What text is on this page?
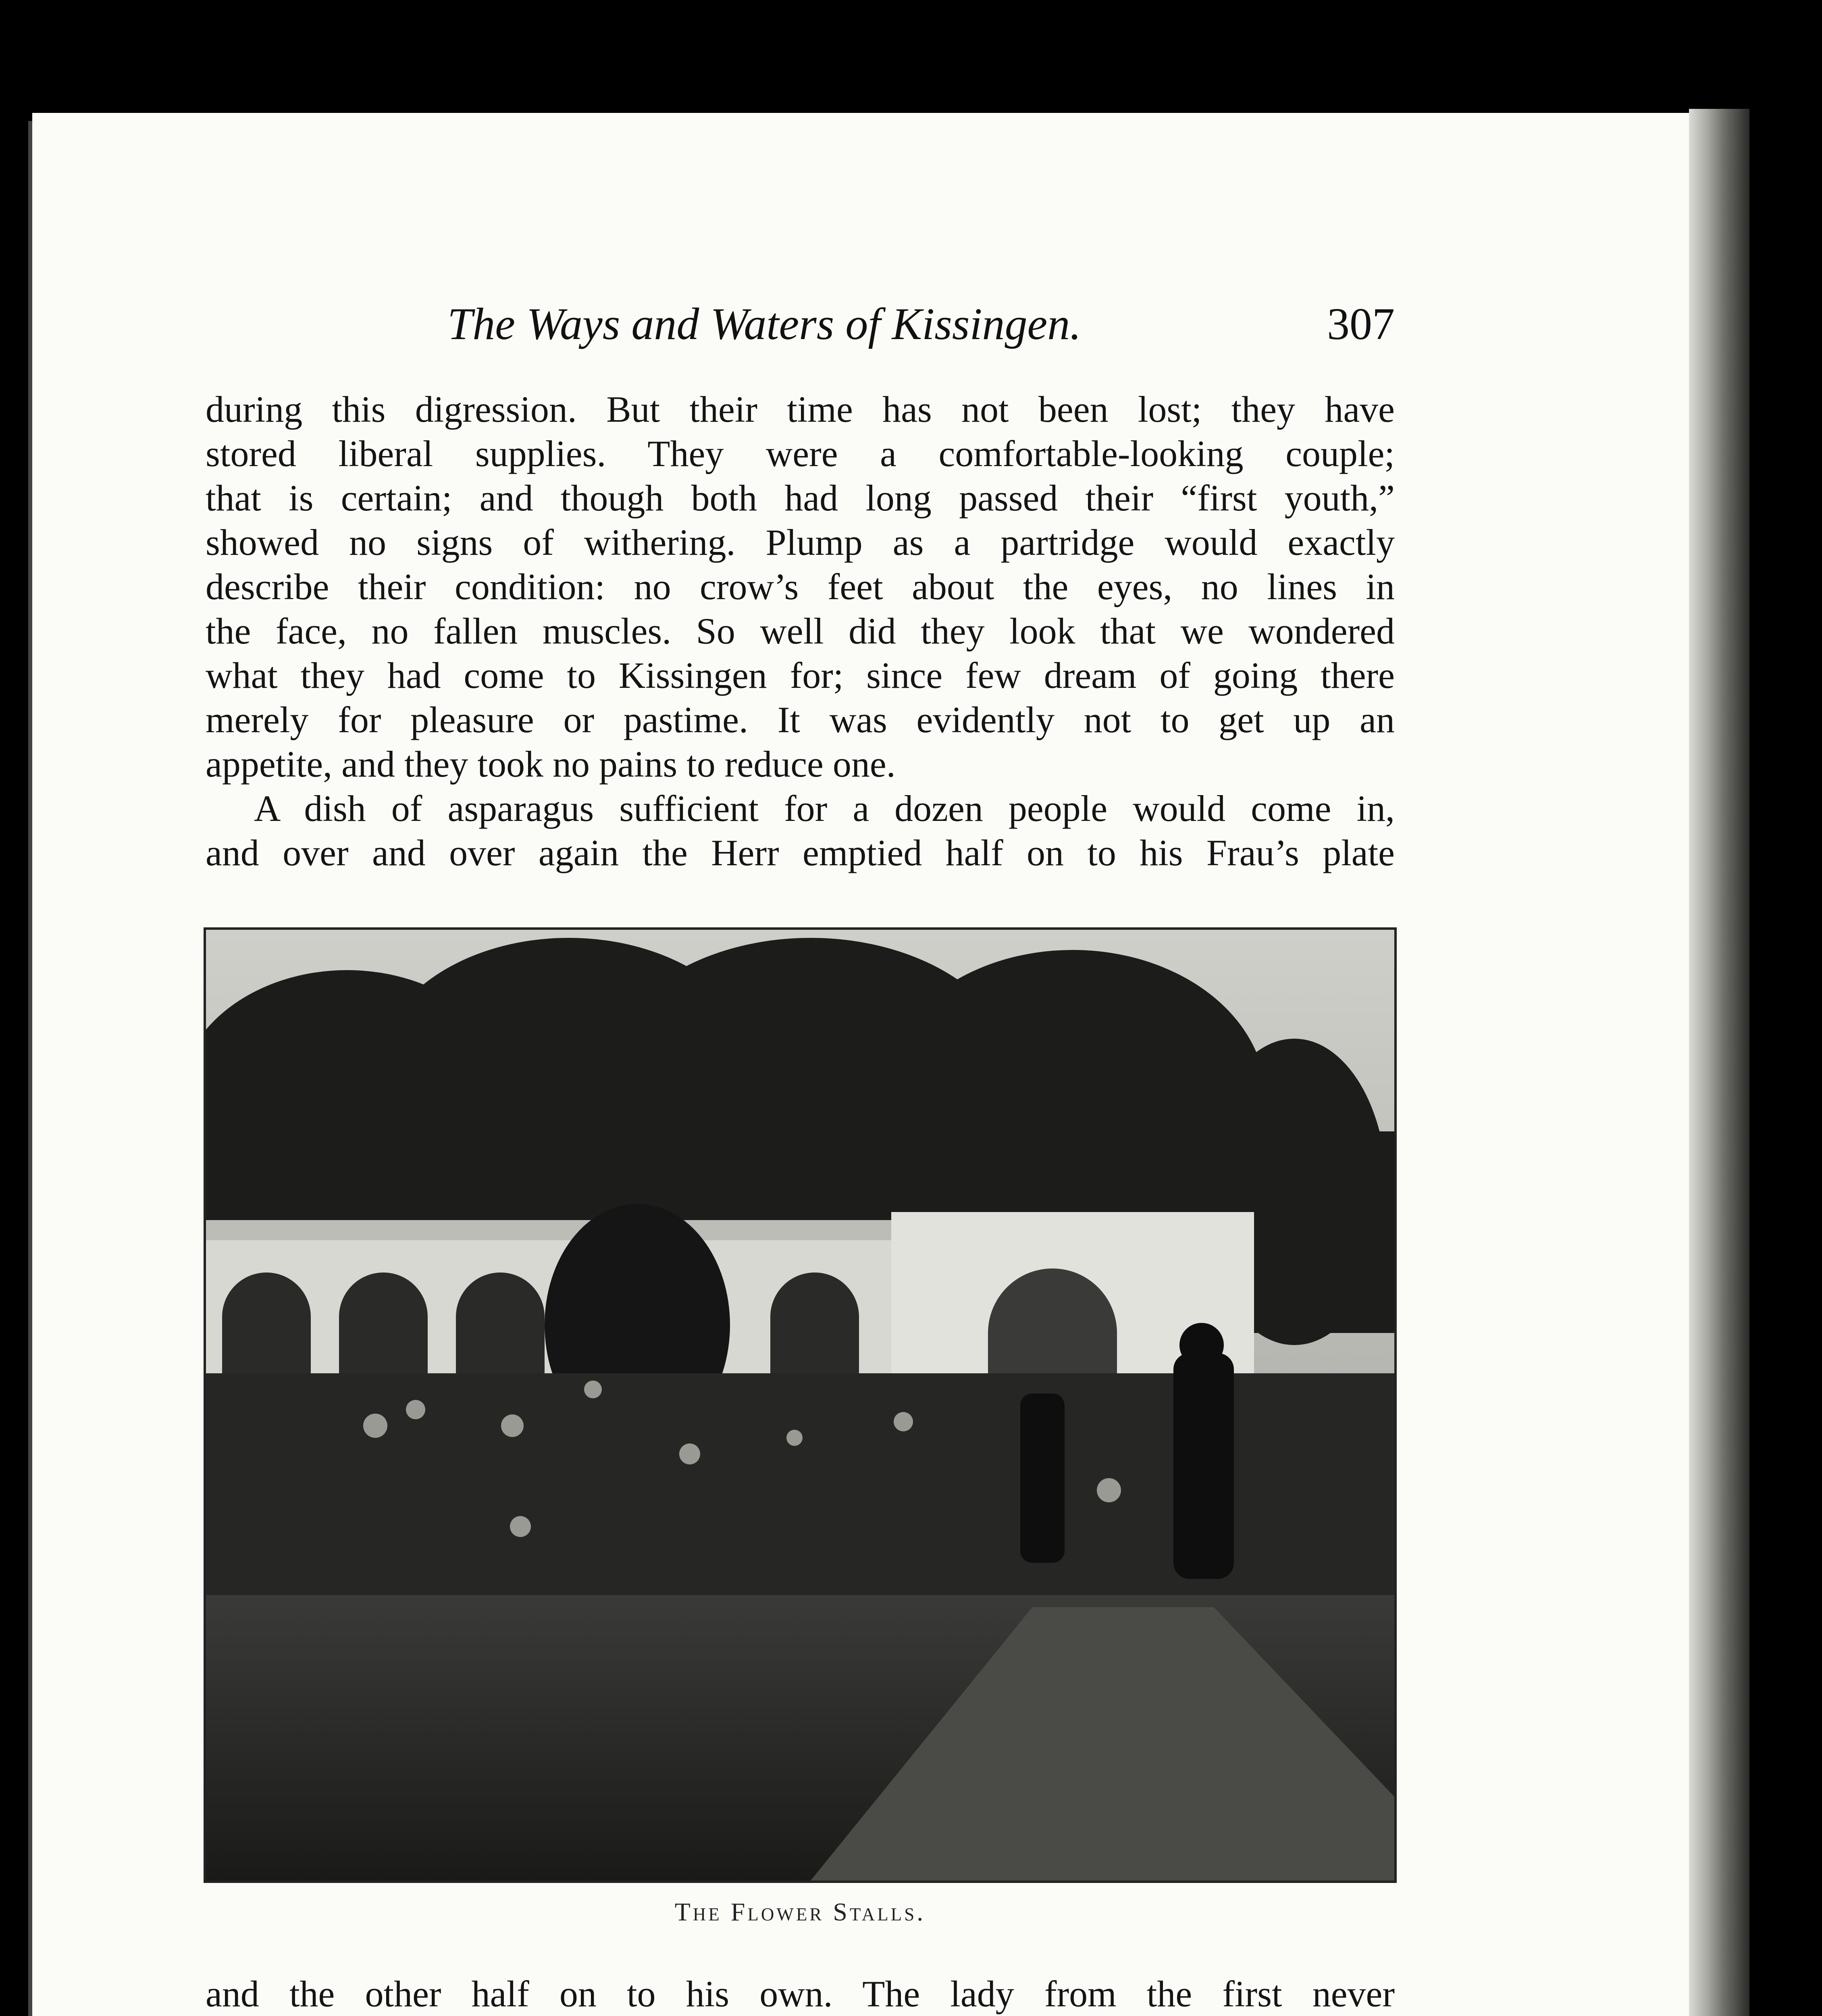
The Ways and Waters of Kissingen.	307
during this digression. But their time has not been lost; they have
stored liberal supplies. They were a comfortable-looking couple;
that is certain; and though both had long passed their “first youth,”
showed no signs of withering. Plump as a partridge would exactly
describe their condition: no crow’s feet about the eyes, no lines in
the face, no fallen muscles. So well did they look that we wondered
what they had come to Kissingen for; since few dream of going there
merely for pleasure or pastime. It was evidently not to get up an
appetite, and they took no pains to reduce one.
A dish of asparagus sufficient for a dozen people would come in,
and over and over again the Herr emptied half on to his Frau’s plate
The Flower Stalls.
and the other half on to his own. The lady from the first never
